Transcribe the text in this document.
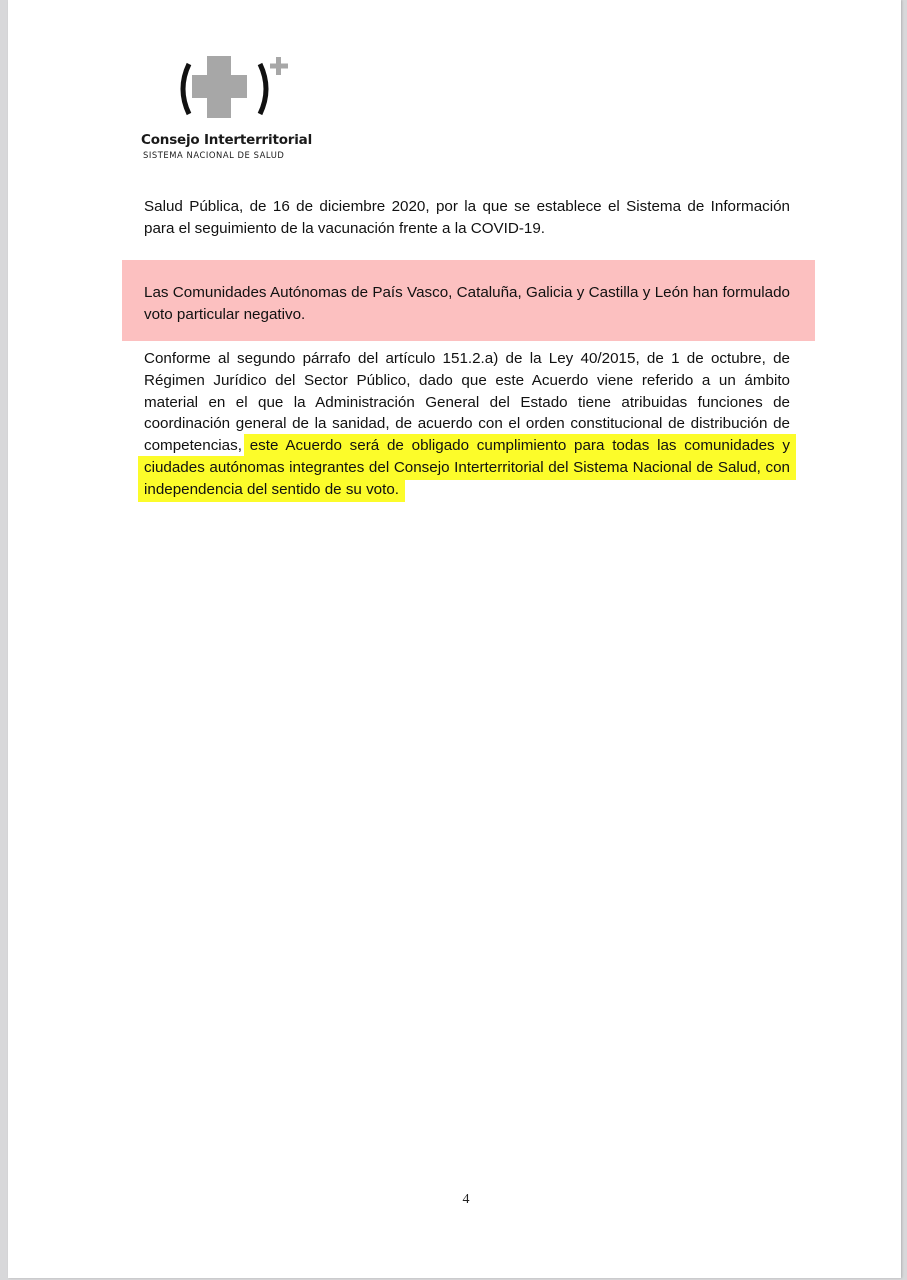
Consejo Interterritorial
SISTEMA NACIONAL DE SALUD

Salud Pública, de 16 de diciembre 2020, por la que se establece el Sistema de Información para el seguimiento de la vacunación frente a la COVID-19.

Las Comunidades Autónomas de País Vasco, Cataluña, Galicia y Castilla y León han formulado voto particular negativo.

Conforme al segundo párrafo del artículo 151.2.a) de la Ley 40/2015, de 1 de octubre, de Régimen Jurídico del Sector Público, dado que este Acuerdo viene referido a un ámbito material en el que la Administración General del Estado tiene atribuidas funciones de coordinación general de la sanidad, de acuerdo con el orden constitucional de distribución de competencias, este Acuerdo será de obligado cumplimiento para todas las comunidades y ciudades autónomas integrantes del Consejo Interterritorial del Sistema Nacional de Salud, con independencia del sentido de su voto.

4
